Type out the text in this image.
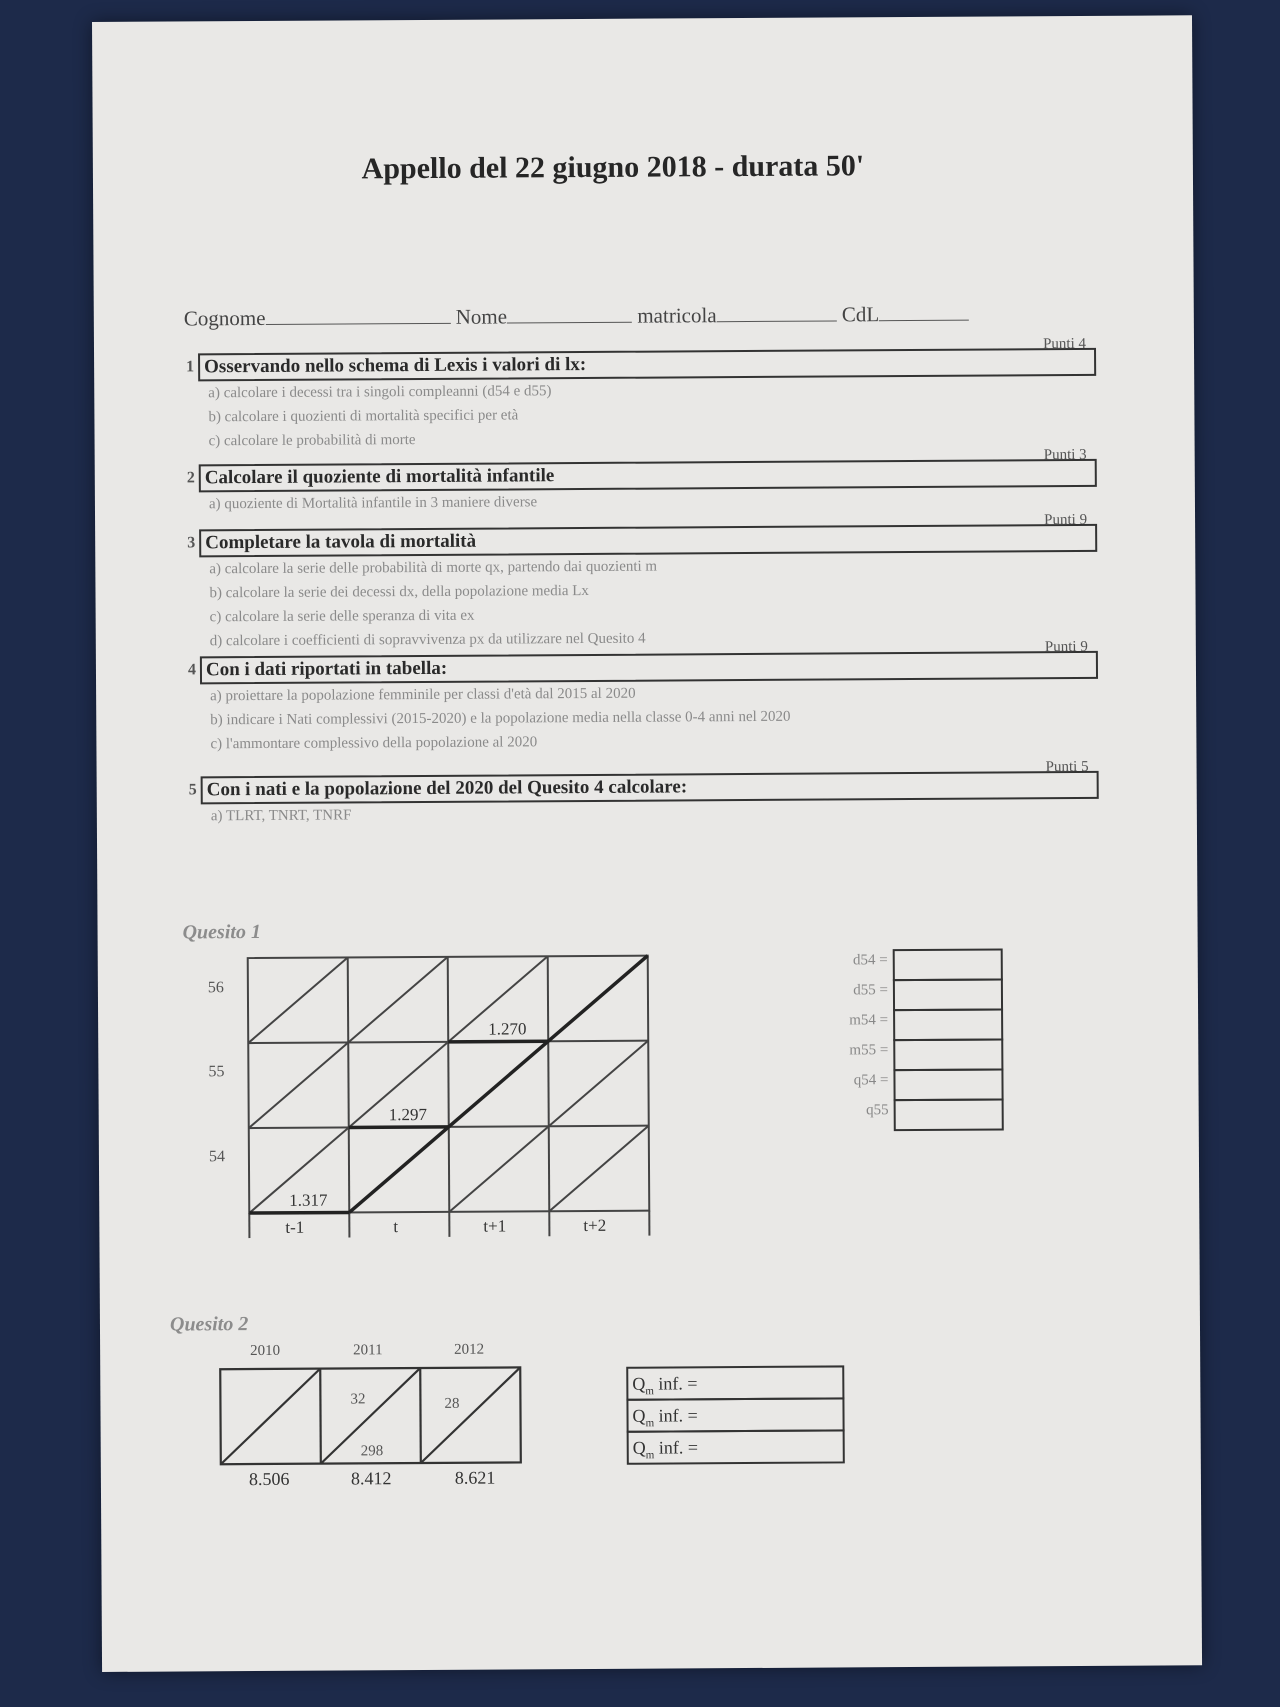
Appello del 22 giugno 2018 - durata 50'
Cognome	Nome	matricola	CdL
1 Osservando nello schema di Lexis i valori di lx:
Punti 4
a) calcolare i decessi tra i singoli compleanni (d54 e d55)
b) calcolare i quozienti di mortalità specifici per età
c) calcolare le probabilità di morte
2 Calcolare il quoziente di mortalità infantile
Punti 3
a) quoziente di Mortalità infantile in 3 maniere diverse
3 Completare la tavola di mortalità
Punti 9
a) calcolare la serie delle probabilità di morte qx, partendo dai quozienti m
b) calcolare la serie dei decessi dx, della popolazione media Lx
c) calcolare la serie delle speranza di vita ex
d) calcolare i coefficienti di sopravvivenza px da utilizzare nel Quesito 4
4 Con i dati riportati in tabella:
Punti 9
a) proiettare la popolazione femminile per classi d'età dal 2015 al 2020
b) indicare i Nati complessivi (2015-2020) e la popolazione media nella classe 0-4 anni nel 2020
c) l'ammontare complessivo della popolazione al 2020
5 Con i nati e la popolazione del 2020 del Quesito 4 calcolare:
Punti 5
a) TLRT, TNRT, TNRF
Quesito 1
1.270
1.297
1.317
t-1	t	t+1	t+2
56
55
54
d54 =
d55 =
m54 =
m55 =
q54 =
q55
Quesito 2
2010	2011	2012
32
298
28
8.506	8.412	8.621
$Q_m$ inf. =
$Q_m$ inf. =
$Q_m$ inf. =
